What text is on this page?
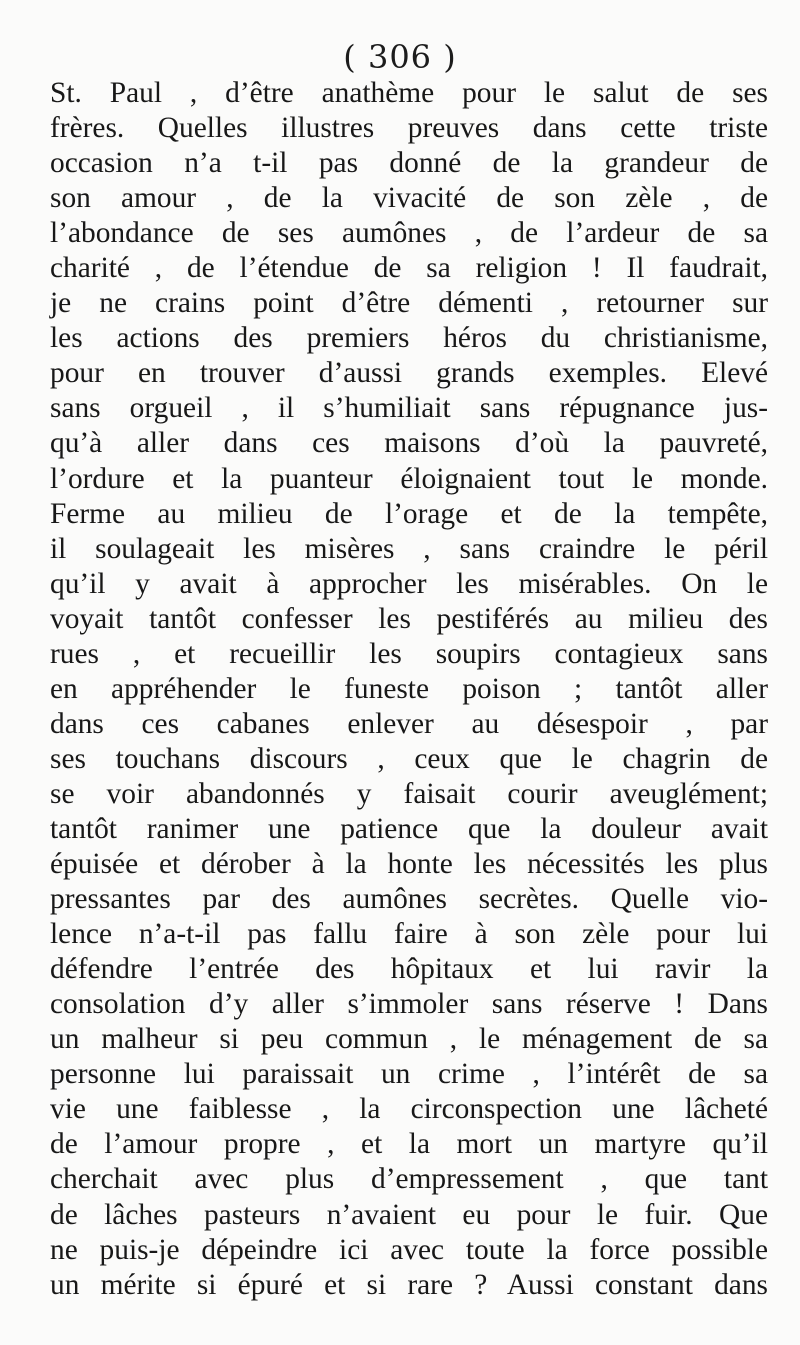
( 306 )
St. Paul , d’être anathème pour le salut de ses
frères. Quelles illustres preuves dans cette triste
occasion n’a t-il pas donné de la grandeur de
son amour , de la vivacité de son zèle , de
l’abondance de ses aumônes , de l’ardeur de sa
charité , de l’étendue de sa religion ! Il faudrait,
je ne crains point d’être démenti , retourner sur
les actions des premiers héros du christianisme,
pour en trouver d’aussi grands exemples. Elevé
sans orgueil , il s’humiliait sans répugnance jus-
qu’à aller dans ces maisons d’où la pauvreté,
l’ordure et la puanteur éloignaient tout le monde.
Ferme au milieu de l’orage et de la tempête,
il soulageait les misères , sans craindre le péril
qu’il y avait à approcher les misérables. On le
voyait tantôt confesser les pestiférés au milieu des
rues , et recueillir les soupirs contagieux sans
en appréhender le funeste poison ; tantôt aller
dans ces cabanes enlever au désespoir , par
ses touchans discours , ceux que le chagrin de
se voir abandonnés y faisait courir aveuglément;
tantôt ranimer une patience que la douleur avait
épuisée et dérober à la honte les nécessités les plus
pressantes par des aumônes secrètes. Quelle vio-
lence n’a-t-il pas fallu faire à son zèle pour lui
défendre l’entrée des hôpitaux et lui ravir la
consolation d’y aller s’immoler sans réserve ! Dans
un malheur si peu commun , le ménagement de sa
personne lui paraissait un crime , l’intérêt de sa
vie une faiblesse , la circonspection une lâcheté
de l’amour propre , et la mort un martyre qu’il
cherchait avec plus d’empressement , que tant
de lâches pasteurs n’avaient eu pour le fuir. Que
ne puis-je dépeindre ici avec toute la force possible
un mérite si épuré et si rare ? Aussi constant dans
